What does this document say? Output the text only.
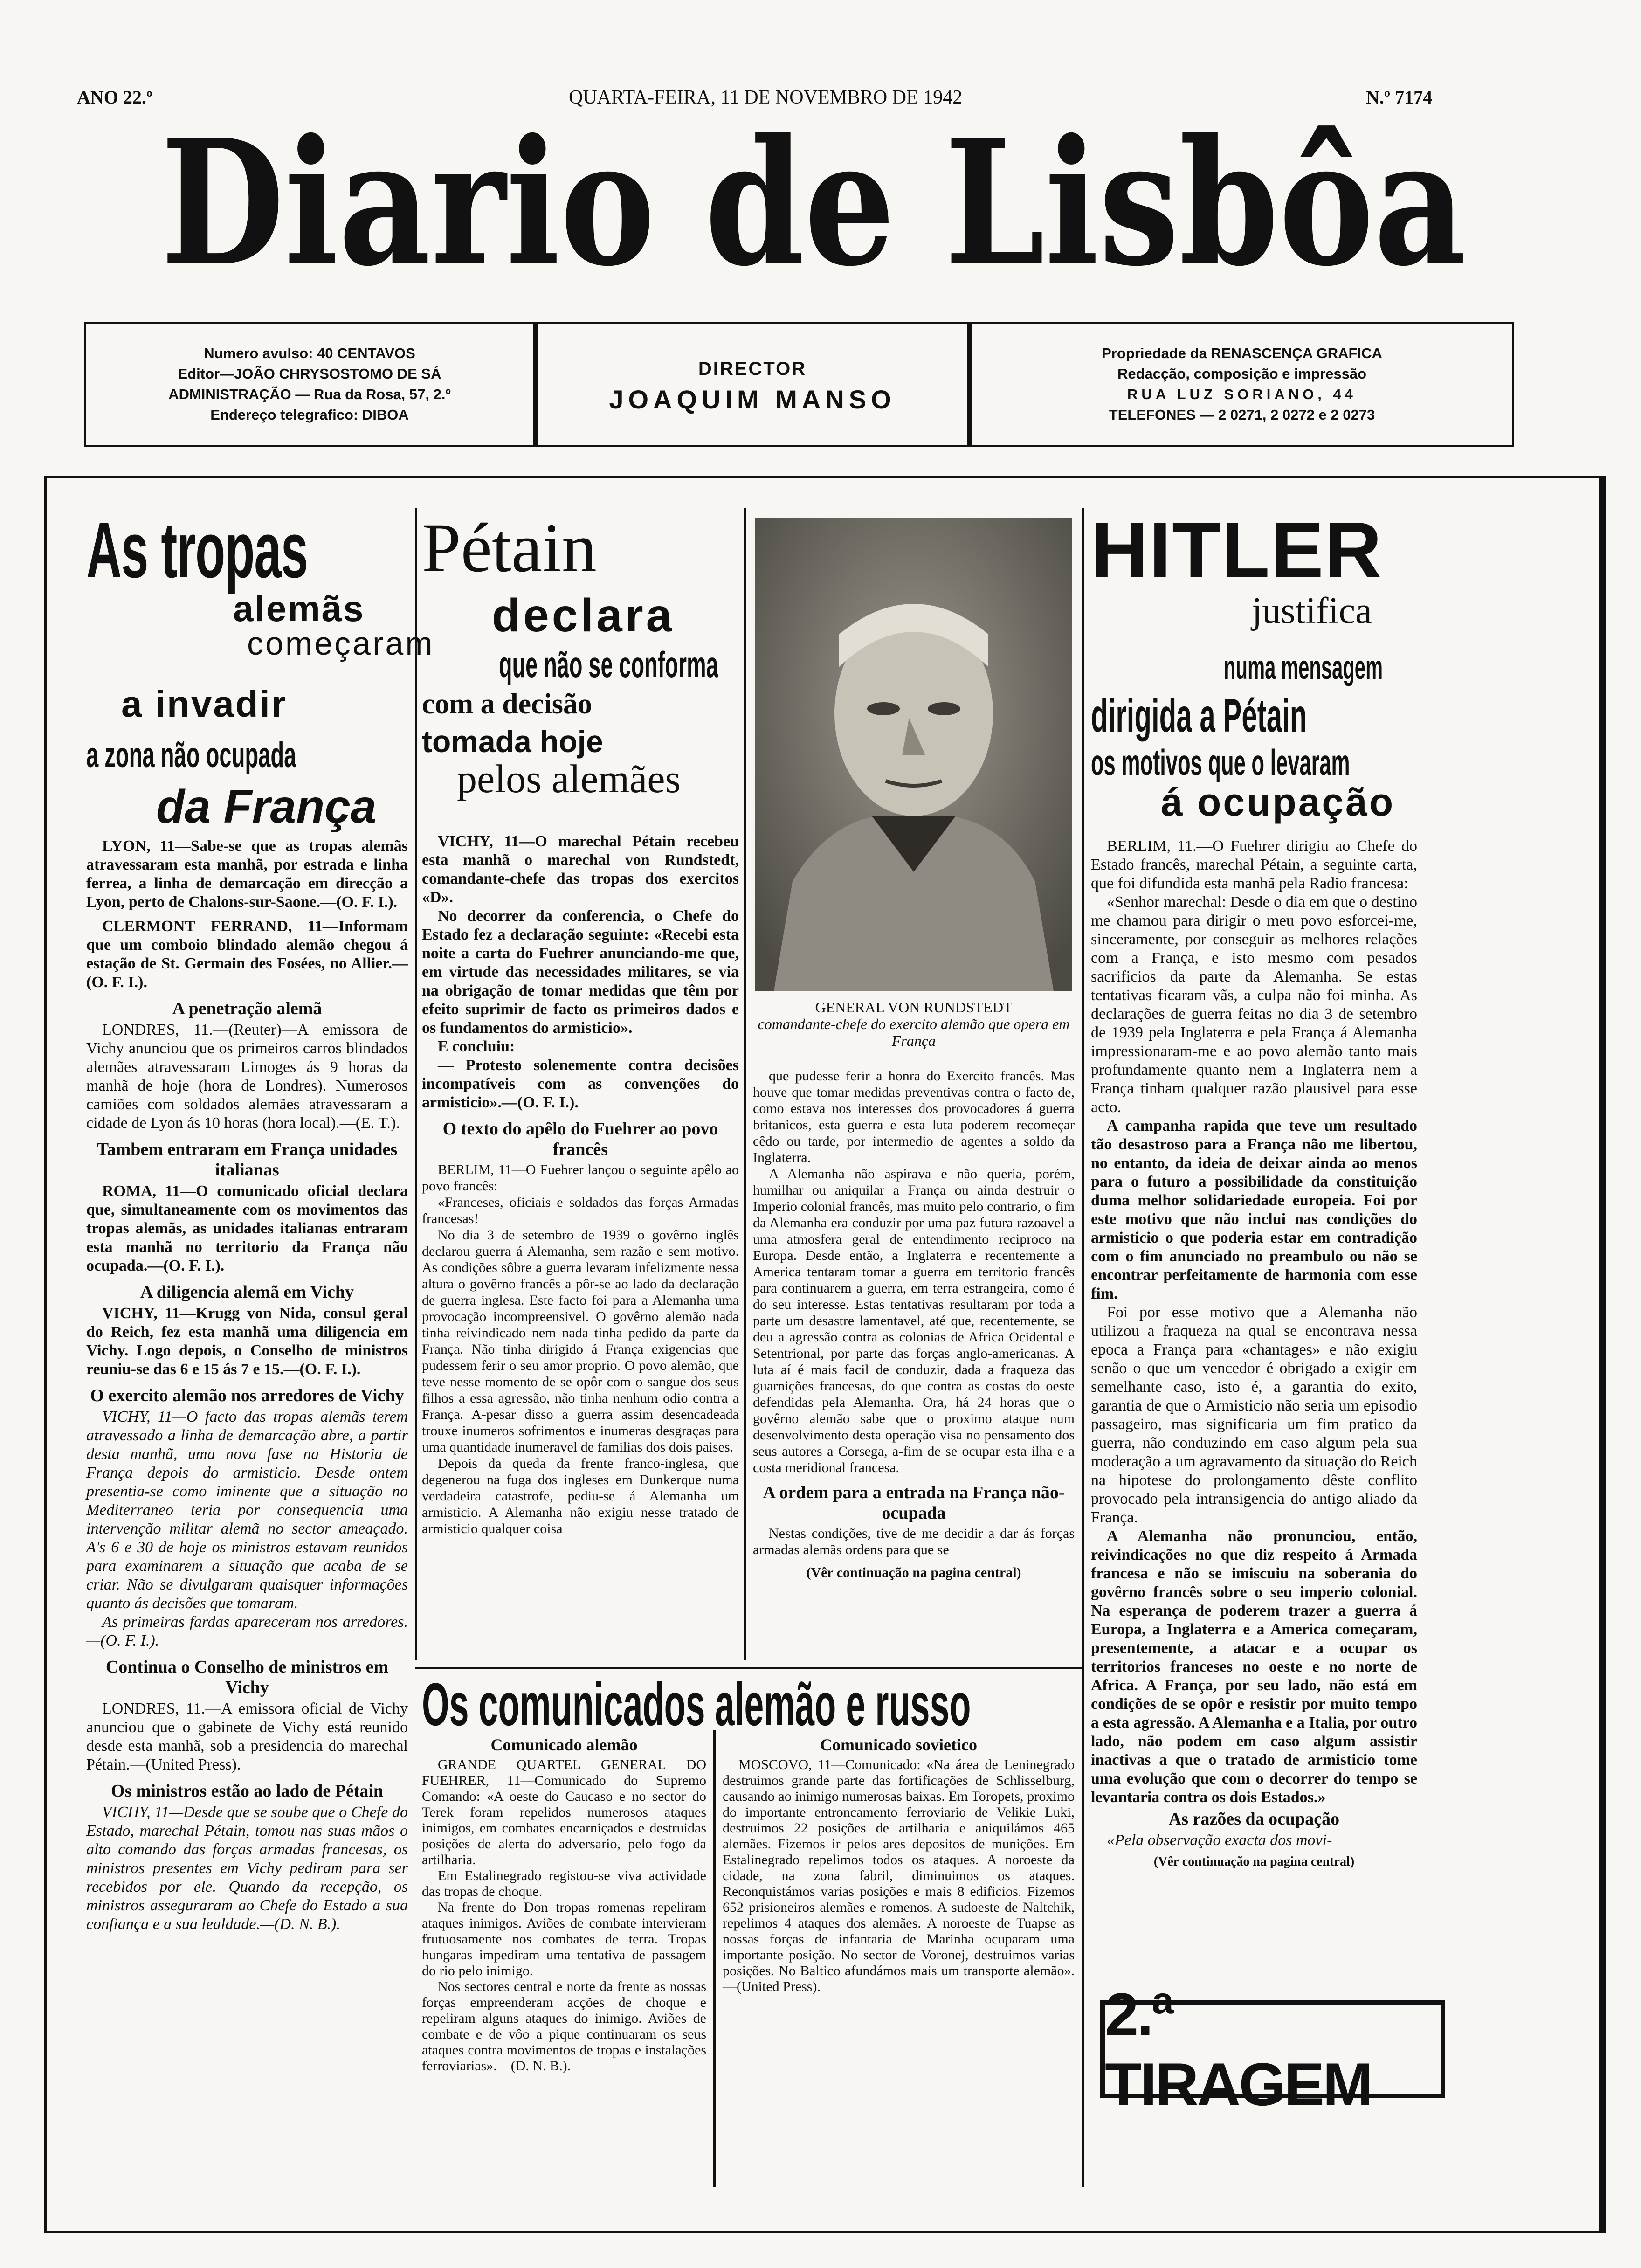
ANO 22.º	QUARTA-FEIRA, 11 DE NOVEMBRO DE 1942	N.º 7174
Diario de Lisbôa
Numero avulso: 40 CENTAVOS
Editor—JOÃO CHRYSOSTOMO DE SÁ
ADMINISTRAÇÃO — Rua da Rosa, 57, 2.º
Endereço telegrafico: DIBOA
DIRECTOR
JOAQUIM MANSO
Propriedade da RENASCENÇA GRAFICA
Redacção, composição e impressão
RUA LUZ SORIANO, 44
TELEFONES — 2 0271, 2 0272 e 2 0273
As tropas
alemãs
começaram
a invadir
a zona não ocupada
da França

LYON, 11—Sabe-se que as tropas alemãs atravessaram esta manhã, por estrada e linha ferrea, a linha de demarcação em direcção a Lyon, perto de Chalons-sur-Saone.—(O. F. I.).

CLERMONT FERRAND, 11—Informam que um comboio blindado alemão chegou á estação de St. Germain des Fosées, no Allier.—(O. F. I.).

A penetração alemã

LONDRES, 11.—(Reuter)—A emissora de Vichy anunciou que os primeiros carros blindados alemães atravessaram Limoges ás 9 horas da manhã de hoje (hora de Londres). Numerosos camiões com soldados alemães atravessaram a cidade de Lyon ás 10 horas (hora local).—(E. T.).

Tambem entraram em França unidades italianas

ROMA, 11—O comunicado oficial declara que, simultaneamente com os movimentos das tropas alemãs, as unidades italianas entraram esta manhã no territorio da França não ocupada.—(O. F. I.).

A diligencia alemã em Vichy

VICHY, 11—Krugg von Nida, consul geral do Reich, fez esta manhã uma diligencia em Vichy. Logo depois, o Conselho de ministros reuniu-se das 6 e 15 ás 7 e 15.—(O. F. I.).

O exercito alemão nos arredores de Vichy

VICHY, 11—O facto das tropas alemãs terem atravessado a linha de demarcação abre, a partir desta manhã, uma nova fase na Historia de França depois do armisticio. Desde ontem presentia-se como iminente que a situação no Mediterraneo teria por consequencia uma intervenção militar alemã no sector ameaçado. A's 6 e 30 de hoje os ministros estavam reunidos para examinarem a situação que acaba de se criar. Não se divulgaram quaisquer informações quanto ás decisões que tomaram.

As primeiras fardas apareceram nos arredores.—(O. F. I.).

Continua o Conselho de ministros em Vichy

LONDRES, 11.—A emissora oficial de Vichy anunciou que o gabinete de Vichy está reunido desde esta manhã, sob a presidencia do marechal Pétain.—(United Press).

Os ministros estão ao lado de Pétain

VICHY, 11—Desde que se soube que o Chefe do Estado, marechal Pétain, tomou nas suas mãos o alto comando das forças armadas francesas, os ministros presentes em Vichy pediram para ser recebidos por ele. Quando da recepção, os ministros asseguraram ao Chefe do Estado a sua confiança e a sua lealdade.—(D. N. B.).

Pétain
declara
que não se conforma
com a decisão
tomada hoje
pelos alemães

VICHY, 11—O marechal Pétain recebeu esta manhã o marechal von Rundstedt, comandante-chefe das tropas dos exercitos «D».

No decorrer da conferencia, o Chefe do Estado fez a declaração seguinte: «Recebi esta noite a carta do Fuehrer anunciando-me que, em virtude das necessidades militares, se via na obrigação de tomar medidas que têm por efeito suprimir de facto os primeiros dados e os fundamentos do armisticio».

E concluiu:

— Protesto solenemente contra decisões incompatíveis com as convenções do armisticio».—(O. F. I.).

O texto do apêlo do Fuehrer ao povo francês

BERLIM, 11—O Fuehrer lançou o seguinte apêlo ao povo francês:

«Franceses, oficiais e soldados das forças Armadas francesas!

No dia 3 de setembro de 1939 o govêrno inglês declarou guerra á Alemanha, sem razão e sem motivo. As condições sôbre a guerra levaram infelizmente nessa altura o govêrno francês a pôr-se ao lado da declaração de guerra inglesa. Este facto foi para a Alemanha uma provocação incompreensivel. O govêrno alemão nada tinha reivindicado nem nada tinha pedido da parte da França. Não tinha dirigido á França exigencias que pudessem ferir o seu amor proprio. O povo alemão, que teve nesse momento de se opôr com o sangue dos seus filhos a essa agressão, não tinha nenhum odio contra a França. A-pesar disso a guerra assim desencadeada trouxe inumeros sofrimentos e inumeras desgraças para uma quantidade inumeravel de familias dos dois paises.

Depois da queda da frente franco-inglesa, que degenerou na fuga dos ingleses em Dunkerque numa verdadeira catastrofe, pediu-se á Alemanha um armisticio. A Alemanha não exigiu nesse tratado de armisticio qualquer coisa

GENERAL VON RUNDSTEDT
comandante-chefe do exercito alemão que opera em França

que pudesse ferir a honra do Exercito francês. Mas houve que tomar medidas preventivas contra o facto de, como estava nos interesses dos provocadores á guerra britanicos, esta guerra e esta luta poderem recomeçar cêdo ou tarde, por intermedio de agentes a soldo da Inglaterra.

A Alemanha não aspirava e não queria, porém, humilhar ou aniquilar a França ou ainda destruir o Imperio colonial francês, mas muito pelo contrario, o fim da Alemanha era conduzir por uma paz futura razoavel a uma atmosfera geral de entendimento reciproco na Europa. Desde então, a Inglaterra e recentemente a America tentaram tomar a guerra em territorio francês para continuarem a guerra, em terra estrangeira, como é do seu interesse. Estas tentativas resultaram por toda a parte um desastre lamentavel, até que, recentemente, se deu a agressão contra as colonias de Africa Ocidental e Setentrional, por parte das forças anglo-americanas. A luta aí é mais facil de conduzir, dada a fraqueza das guarnições francesas, do que contra as costas do oeste defendidas pela Alemanha. Ora, há 24 horas que o govêrno alemão sabe que o proximo ataque num desenvolvimento desta operação visa no pensamento dos seus autores a Corsega, a-fim de se ocupar esta ilha e a costa meridional francesa.

A ordem para a entrada na França não-ocupada

Nestas condições, tive de me decidir a dar ás forças armadas alemãs ordens para que se

(Vêr continuação na pagina central)
HITLER
justifica
numa mensagem
dirigida a Pétain
os motivos que o levaram
á ocupação

BERLIM, 11.—O Fuehrer dirigiu ao Chefe do Estado francês, marechal Pétain, a seguinte carta, que foi difundida esta manhã pela Radio francesa:

«Senhor marechal: Desde o dia em que o destino me chamou para dirigir o meu povo esforcei-me, sinceramente, por conseguir as melhores relações com a França, e isto mesmo com pesados sacrificios da parte da Alemanha. Se estas tentativas ficaram vãs, a culpa não foi minha. As declarações de guerra feitas no dia 3 de setembro de 1939 pela Inglaterra e pela França á Alemanha impressionaram-me e ao povo alemão tanto mais profundamente quanto nem a Inglaterra nem a França tinham qualquer razão plausivel para esse acto.

A campanha rapida que teve um resultado tão desastroso para a França não me libertou, no entanto, da ideia de deixar ainda ao menos para o futuro a possibilidade da constituição duma melhor solidariedade europeia. Foi por este motivo que não inclui nas condições do armisticio o que poderia estar em contradição com o fim anunciado no preambulo ou não se encontrar perfeitamente de harmonia com esse fim.

Foi por esse motivo que a Alemanha não utilizou a fraqueza na qual se encontrava nessa epoca a França para «chantages» e não exigiu senão o que um vencedor é obrigado a exigir em semelhante caso, isto é, a garantia do exito, garantia de que o Armisticio não seria um episodio passageiro, mas significaria um fim pratico da guerra, não conduzindo em caso algum pela sua moderação a um agravamento da situação do Reich na hipotese do prolongamento dêste conflito provocado pela intransigencia do antigo aliado da França.

A Alemanha não pronunciou, então, reivindicações no que diz respeito á Armada francesa e não se imiscuiu na soberania do govêrno francês sobre o seu imperio colonial. Na esperança de poderem trazer a guerra á Europa, a Inglaterra e a America começaram, presentemente, a atacar e a ocupar os territorios franceses no oeste e no norte de Africa. A França, por seu lado, não está em condições de se opôr e resistir por muito tempo a esta agressão. A Alemanha e a Italia, por outro lado, não podem em caso algum assistir inactivas a que o tratado de armisticio tome uma evolução que com o decorrer do tempo se levantaria contra os dois Estados.»

As razões da ocupação

«Pela observação exacta dos movi-

(Vêr continuação na pagina central)
2.ª TIRAGEM
Os comunicados alemão e russo
Comunicado alemão

GRANDE QUARTEL GENERAL DO FUEHRER, 11—Comunicado do Supremo Comando: «A oeste do Caucaso e no sector do Terek foram repelidos numerosos ataques inimigos, em combates encarniçados e destruidas posições de alerta do adversario, pelo fogo da artilharia.

Em Estalinegrado registou-se viva actividade das tropas de choque.

Na frente do Don tropas romenas repeliram ataques inimigos. Aviões de combate intervieram frutuosamente nos combates de terra. Tropas hungaras impediram uma tentativa de passagem do rio pelo inimigo.

Nos sectores central e norte da frente as nossas forças empreenderam acções de choque e repeliram alguns ataques do inimigo. Aviões de combate e de vôo a pique continuaram os seus ataques contra movimentos de tropas e instalações ferroviarias».—(D. N. B.).

Comunicado sovietico

MOSCOVO, 11—Comunicado: «Na área de Leninegrado destruimos grande parte das fortificações de Schlisselburg, causando ao inimigo numerosas baixas. Em Toropets, proximo do importante entroncamento ferroviario de Velikie Luki, destruimos 22 posições de artilharia e aniquilámos 465 alemães. Fizemos ir pelos ares depositos de munições. Em Estalinegrado repelimos todos os ataques. A noroeste da cidade, na zona fabril, diminuimos os ataques. Reconquistámos varias posições e mais 8 edificios. Fizemos 652 prisioneiros alemães e romenos. A sudoeste de Naltchik, repelimos 4 ataques dos alemães. A noroeste de Tuapse as nossas forças de infantaria de Marinha ocuparam uma importante posição. No sector de Voronej, destruimos varias posições. No Baltico afundámos mais um transporte alemão».—(United Press).
